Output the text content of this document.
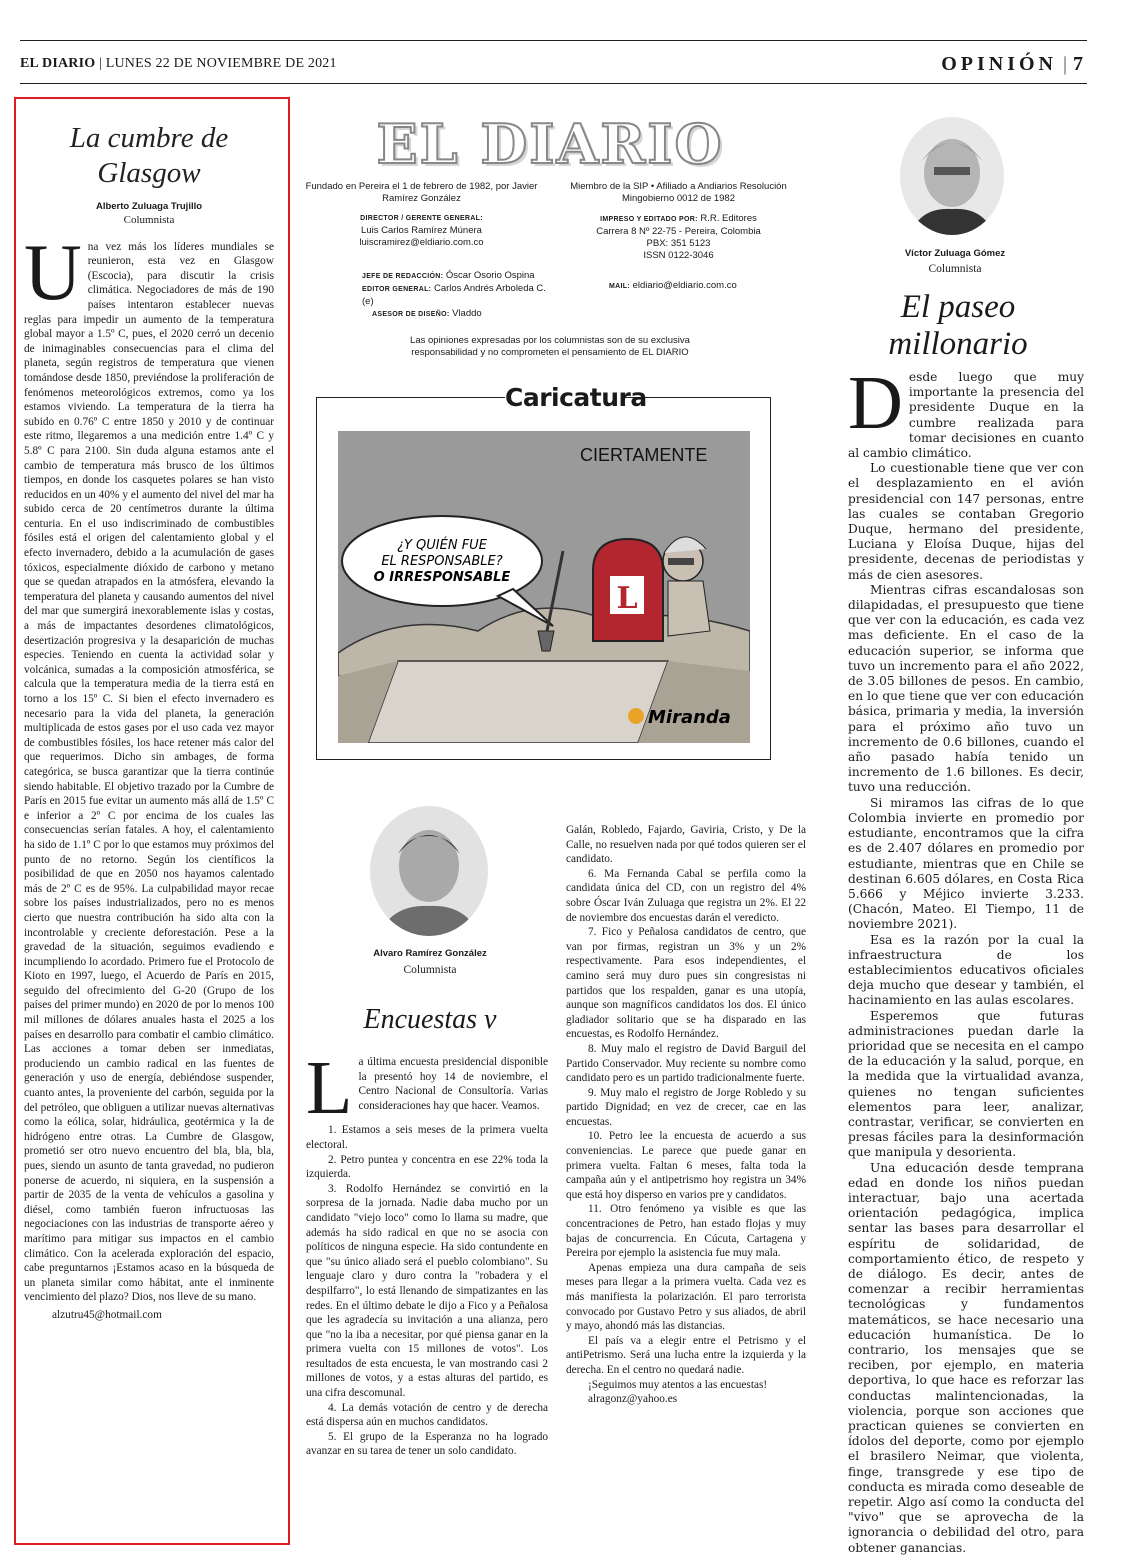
EL DIARIO | LUNES 22 DE NOVIEMBRE DE 2021	OPINIÓN | 7
La cumbre de Glasgow
Alberto Zuluaga Trujillo
Columnista
Una vez más los líderes mundiales se reunieron, esta vez en Glasgow (Escocia), para discutir la crisis climática. Negociadores de más de 190 países intentaron establecer nuevas reglas para impedir un aumento de la temperatura global mayor a 1.5º C, pues, el 2020 cerró un decenio de inimaginables consecuencias para el clima del planeta, según registros de temperatura que vienen tomándose desde 1850, previéndose la proliferación de fenómenos meteorológicos extremos, como ya los estamos viviendo. La temperatura de la tierra ha subido en 0.76º C entre 1850 y 2010 y de continuar este ritmo, llegaremos a una medición entre 1.4º C y 5.8º C para 2100. Sin duda alguna estamos ante el cambio de temperatura más brusco de los últimos tiempos, en donde los casquetes polares se han visto reducidos en un 40% y el aumento del nivel del mar ha subido cerca de 20 centímetros durante la última centuria. En el uso indiscriminado de combustibles fósiles está el origen del calentamiento global y el efecto invernadero, debido a la acumulación de gases tóxicos, especialmente dióxido de carbono y metano que se quedan atrapados en la atmósfera, elevando la temperatura del planeta y causando aumentos del nivel del mar que sumergirá inexorablemente islas y costas, a más de impactantes desordenes climatológicos, desertización progresiva y la desaparición de muchas especies. Teniendo en cuenta la actividad solar y volcánica, sumadas a la composición atmosférica, se calcula que la temperatura media de la tierra está en torno a los 15º C. Si bien el efecto invernadero es necesario para la vida del planeta, la generación multiplicada de estos gases por el uso cada vez mayor de combustibles fósiles, los hace retener más calor del que requerimos. Dicho sin ambages, de forma categórica, se busca garantizar que la tierra continúe siendo habitable. El objetivo trazado por la Cumbre de París en 2015 fue evitar un aumento más allá de 1.5º C e inferior a 2º C por encima de los cuales las consecuencias serían fatales. A hoy, el calentamiento ha sido de 1.1º C por lo que estamos muy próximos del punto de no retorno. Según los científicos la posibilidad de que en 2050 nos hayamos calentado más de 2º C es de 95%. La culpabilidad mayor recae sobre los países industrializados, pero no es menos cierto que nuestra contribución ha sido alta con la incontrolable y creciente deforestación. Pese a la gravedad de la situación, seguimos evadiendo e incumpliendo lo acordado. Primero fue el Protocolo de Kioto en 1997, luego, el Acuerdo de París en 2015, seguido del ofrecimiento del G-20 (Grupo de los países del primer mundo) en 2020 de por lo menos 100 mil millones de dólares anuales hasta el 2025 a los países en desarrollo para combatir el cambio climático. Las acciones a tomar deben ser inmediatas, produciendo un cambio radical en las fuentes de generación y uso de energía, debiéndose suspender, cuanto antes, la proveniente del carbón, seguida por la del petróleo, que obliguen a utilizar nuevas alternativas como la eólica, solar, hidráulica, geotérmica y la de hidrógeno entre otras. La Cumbre de Glasgow, prometió ser otro nuevo encuentro del bla, bla, bla, pues, siendo un asunto de tanta gravedad, no pudieron ponerse de acuerdo, ni siquiera, en la suspensión a partir de 2035 de la venta de vehículos a gasolina y diésel, como también fueron infructuosas las negociaciones con las industrias de transporte aéreo y marítimo para mitigar sus impactos en el cambio climático. Con la acelerada exploración del espacio, cabe preguntarnos ¡Estamos acaso en la búsqueda de un planeta similar como hábitat, ante el inminente vencimiento del plazo? Dios, nos lleve de su mano.
alzutru45@hotmail.com
EL DIARIO
Fundado en Pereira el 1 de febrero de 1982, por Javier Ramírez González
Miembro de la SIP • Afiliado a Andiarios Resolución Mingobierno 0012 de 1982
DIRECTOR / GERENTE GENERAL:
Luis Carlos Ramírez Múnera
luiscramirez@eldiario.com.co
IMPRESO Y EDITADO POR: R.R. Editores
Carrera 8 Nº 22-75 - Pereira, Colombia
PBX: 351 5123
ISSN 0122-3046
JEFE DE REDACCIÓN: Óscar Osorio Ospina
EDITOR GENERAL: Carlos Andrés Arboleda C. (e)
ASESOR DE DISEÑO: Vladdo
MAIL: eldiario@eldiario.com.co
Las opiniones expresadas por los columnistas son de su exclusiva responsabilidad y no comprometen el pensamiento de EL DIARIO
Caricatura
CIERTAMENTE
¿Y QUIÉN FUE
EL RESPONSABLE?
O IRRESPONSABLE
L
Miranda
Víctor Zuluaga Gómez
Columnista
El paseo millonario

Desde luego que muy importante la presencia del presidente Duque en la cumbre realizada para tomar decisiones en cuanto al cambio climático.

Lo cuestionable tiene que ver con el desplazamiento en el avión presidencial con 147 personas, entre las cuales se contaban Gregorio Duque, hermano del presidente, Luciana y Eloísa Duque, hijas del presidente, decenas de periodistas y más de cien asesores.

Mientras cifras escandalosas son dilapidadas, el presupuesto que tiene que ver con la educación, es cada vez mas deficiente. En el caso de la educación superior, se informa que tuvo un incremento para el año 2022, de 3.05 billones de pesos. En cambio, en lo que tiene que ver con educación básica, primaria y media, la inversión para el próximo año tuvo un incremento de 0.6 billones, cuando el año pasado había tenido un incremento de 1.6 billones. Es decir, tuvo una reducción.

Si miramos las cifras de lo que Colombia invierte en promedio por estudiante, encontramos que la cifra es de 2.407 dólares en promedio por estudiante, mientras que en Chile se destinan 6.605 dólares, en Costa Rica 5.666 y Méjico invierte 3.233.(Chacón, Mateo. El Tiempo, 11 de noviembre 2021).

Esa es la razón por la cual la infraestructura de los establecimientos educativos oficiales deja mucho que desear y también, el hacinamiento en las aulas escolares.

Esperemos que futuras administraciones puedan darle la prioridad que se necesita en el campo de la educación y la salud, porque, en la medida que la virtualidad avanza, quienes no tengan suficientes elementos para leer, analizar, contrastar, verificar, se convierten en presas fáciles para la desinformación que manipula y desorienta.

Una educación desde temprana edad en donde los niños puedan interactuar, bajo una acertada orientación pedagógica, implica sentar las bases para desarrollar el espíritu de solidaridad, de comportamiento ético, de respeto y de diálogo. Es decir, antes de comenzar a recibir herramientas tecnológicas y fundamentos matemáticos, se hace necesario una educación humanística. De lo contrario, los mensajes que se reciben, por ejemplo, en materia deportiva, lo que hace es reforzar las conductas malintencionadas, la violencia, porque son acciones que practican quienes se convierten en ídolos del deporte, como por ejemplo el brasilero Neimar, que violenta, finge, transgrede y ese tipo de conducta es mirada como deseable de repetir. Algo así como la conducta del "vivo" que se aprovecha de la ignorancia o debilidad del otro, para obtener ganancias.

Alvaro Ramírez González
Columnista
Encuestas v

La última encuesta presidencial disponible la presentó hoy 14 de noviembre, el Centro Nacional de Consultoría. Varias consideraciones hay que hacer. Veamos.

1. Estamos a seis meses de la primera vuelta electoral.

2. Petro puntea y concentra en ese 22% toda la izquierda.

3. Rodolfo Hernández se convirtió en la sorpresa de la jornada. Nadie daba mucho por un candidato "viejo loco" como lo llama su madre, que además ha sido radical en que no se asocia con políticos de ninguna especie. Ha sido contundente en que "su único aliado será el pueblo colombiano". Su lenguaje claro y duro contra la "robadera y el despilfarro", lo está llenando de simpatizantes en las redes. En el último debate le dijo a Fico y a Peñalosa que les agradecía su invitación a una alianza, pero que "no la iba a necesitar, por qué piensa ganar en la primera vuelta con 15 millones de votos". Los resultados de esta encuesta, le van mostrando casi 2 millones de votos, y a estas alturas del partido, es una cifra descomunal.

4. La demás votación de centro y de derecha está dispersa aún en muchos candidatos.

5. El grupo de la Esperanza no ha logrado avanzar en su tarea de tener un solo candidato.

Galán, Robledo, Fajardo, Gaviria, Cristo, y De la Calle, no resuelven nada por qué todos quieren ser el candidato.

6. Ma Fernanda Cabal se perfila como la candidata única del CD, con un registro del 4% sobre Óscar Iván Zuluaga que registra un 2%. El 22 de noviembre dos encuestas darán el veredicto.

7. Fico y Peñalosa candidatos de centro, que van por firmas, registran un 3% y un 2% respectivamente. Para esos independientes, el camino será muy duro pues sin congresistas ni partidos que los respalden, ganar es una utopía, aunque son magníficos candidatos los dos. El único gladiador solitario que se ha disparado en las encuestas, es Rodolfo Hernández.

8. Muy malo el registro de David Barguil del Partido Conservador. Muy reciente su nombre como candidato pero es un partido tradicionalmente fuerte.

9. Muy malo el registro de Jorge Robledo y su partido Dignidad; en vez de crecer, cae en las encuestas.

10. Petro lee la encuesta de acuerdo a sus conveniencias. Le parece que puede ganar en primera vuelta. Faltan 6 meses, falta toda la campaña aún y el antipetrismo hoy registra un 34% que está hoy disperso en varios pre y candidatos.

11. Otro fenómeno ya visible es que las concentraciones de Petro, han estado flojas y muy bajas de concurrencia. En Cúcuta, Cartagena y Pereira por ejemplo la asistencia fue muy mala.

Apenas empieza una dura campaña de seis meses para llegar a la primera vuelta. Cada vez es más manifiesta la polarización. El paro terrorista convocado por Gustavo Petro y sus aliados, de abril y mayo, ahondó más las distancias.

El país va a elegir entre el Petrismo y el antiPetrismo. Será una lucha entre la izquierda y la derecha. En el centro no quedará nadie.

¡Seguimos muy atentos a las encuestas!

alragonz@yahoo.es
